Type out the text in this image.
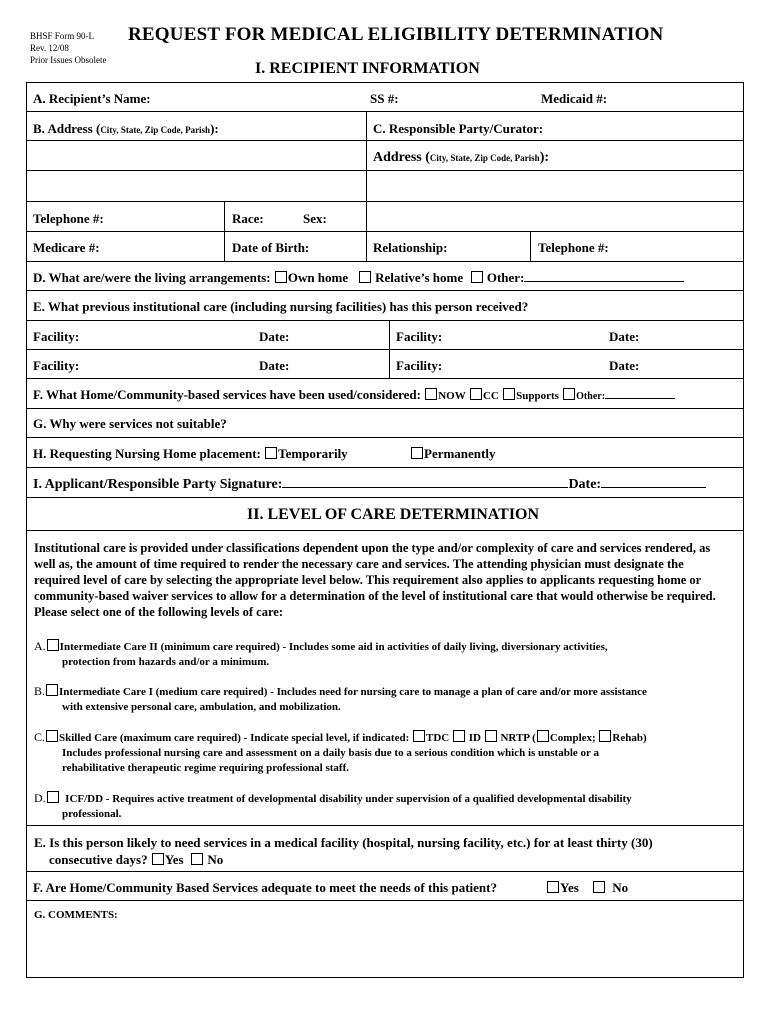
BHSF Form 90-L
Rev. 12/08
Prior Issues Obsolete
REQUEST FOR MEDICAL ELIGIBILITY DETERMINATION
I. RECIPIENT INFORMATION
A. Recipient’s Name:	SS #:	Medicaid #:
B. Address (City, State, Zip Code, Parish):	C. Responsible Party/Curator:
Address (City, State, Zip Code, Parish):
Telephone #:	Race:	Sex:
Medicare #:	Date of Birth:	Relationship:	Telephone #:
D. What are/were the living arrangements: Own home Relative’s home Other:
E. What previous institutional care (including nursing facilities) has this person received?
Facility:	Date:	Facility:	Date:
Facility:	Date:	Facility:	Date:
F. What Home/Community-based services have been used/considered: NOW CC Supports Other:
G. Why were services not suitable?
H. Requesting Nursing Home placement: Temporarily	Permanently
I. Applicant/Responsible Party Signature:	Date:
II. LEVEL OF CARE DETERMINATION
Institutional care is provided under classifications dependent upon the type and/or complexity of care and services rendered, as well as, the amount of time required to render the necessary care and services. The attending physician must designate the required level of care by selecting the appropriate level below. This requirement also applies to applicants requesting home or community-based waiver services to allow for a determination of the level of institutional care that would otherwise be required. Please select one of the following levels of care:
A. Intermediate Care II (minimum care required) - Includes some aid in activities of daily living, diversionary activities,
protection from hazards and/or a minimum.
B. Intermediate Care I (medium care required) - Includes need for nursing care to manage a plan of care and/or more assistance
with extensive personal care, ambulation, and mobilization.
C. Skilled Care (maximum care required) - Indicate special level, if indicated: TDC ID NRTP ( Complex; Rehab)
Includes professional nursing care and assessment on a daily basis due to a serious condition which is unstable or a
rehabilitative therapeutic regime requiring professional staff.
D. ICF/DD - Requires active treatment of developmental disability under supervision of a qualified developmental disability
professional.
E. Is this person likely to need services in a medical facility (hospital, nursing facility, etc.) for at least thirty (30)
consecutive days? Yes No
F. Are Home/Community Based Services adequate to meet the needs of this patient?	Yes	No
G. COMMENTS:
